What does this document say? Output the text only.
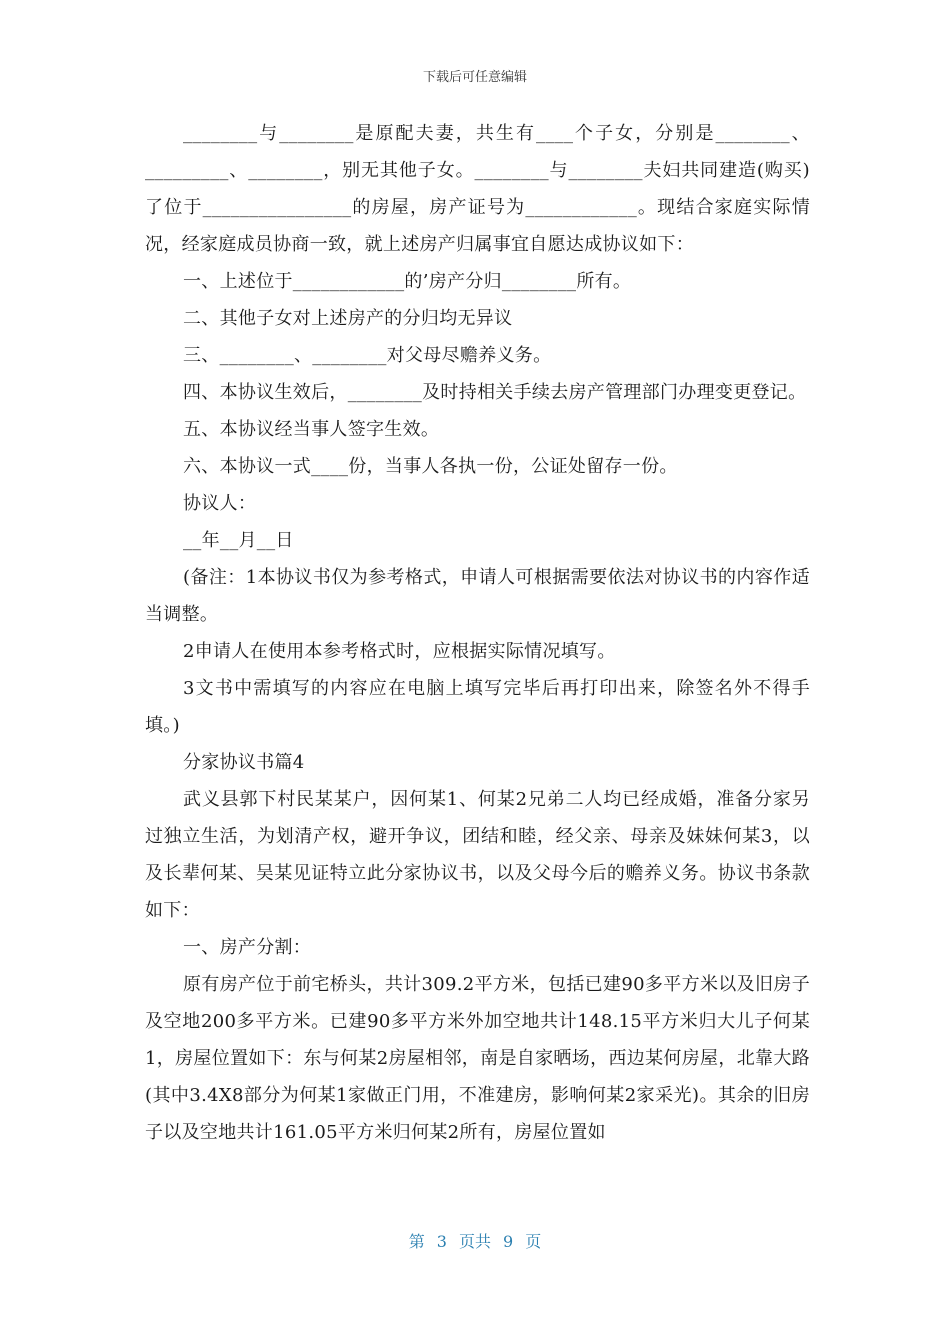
下载后可任意编辑

________与________是原配夫妻，共生有____个子女，分别是________、_________、________，别无其他子女。________与________夫妇共同建造(购买)了位于________________的房屋，房产证号为____________。现结合家庭实际情况，经家庭成员协商一致，就上述房产归属事宜自愿达成协议如下：

一、上述位于____________的’房产分归________所有。

二、其他子女对上述房产的分归均无异议

三、________、________对父母尽赡养义务。

四、本协议生效后，________及时持相关手续去房产管理部门办理变更登记。

五、本协议经当事人签字生效。

六、本协议一式____份，当事人各执一份，公证处留存一份。

协议人：

__年__月__日

(备注：1本协议书仅为参考格式，申请人可根据需要依法对协议书的内容作适当调整。

2申请人在使用本参考格式时，应根据实际情况填写。

3文书中需填写的内容应在电脑上填写完毕后再打印出来，除签名外不得手填。)

分家协议书篇4

武义县郭下村民某某户，因何某1、何某2兄弟二人均已经成婚，准备分家另过独立生活，为划清产权，避开争议，团结和睦，经父亲、母亲及妹妹何某3，以及长辈何某、吴某见证特立此分家协议书，以及父母今后的赡养义务。协议书条款如下：

一、房产分割：

原有房产位于前宅桥头，共计309.2平方米，包括已建90多平方米以及旧房子及空地200多平方米。已建90多平方米外加空地共计148.15平方米归大儿子何某1，房屋位置如下：东与何某2房屋相邻，南是自家晒场，西边某何房屋，北靠大路(其中3.4X8部分为何某1家做正门用，不准建房，影响何某2家采光)。其余的旧房子以及空地共计161.05平方米归何某2所有，房屋位置如

第 3 页共 9 页
